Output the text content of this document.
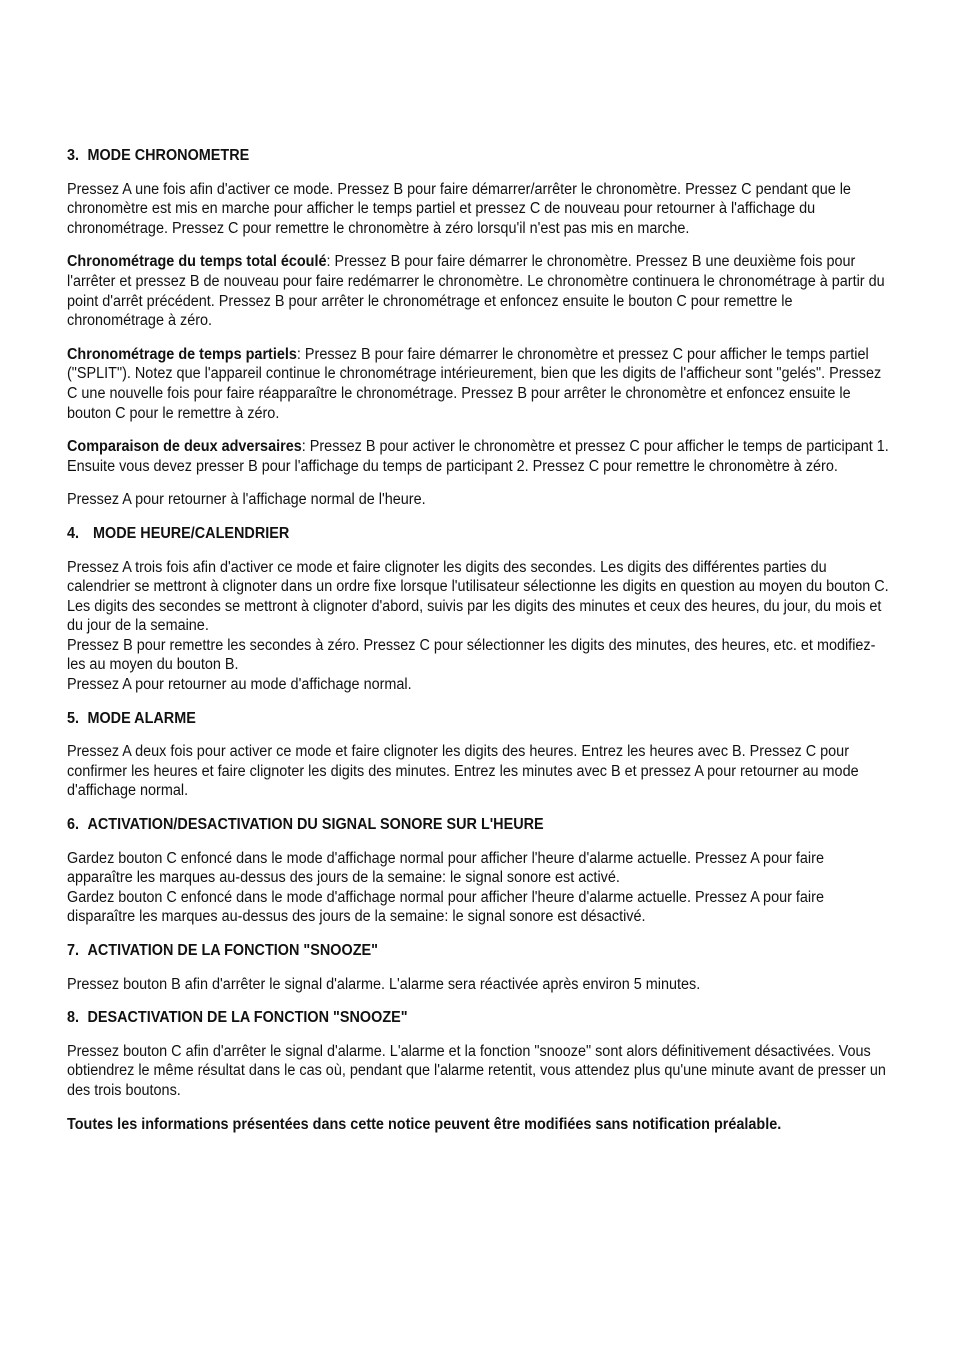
3. MODE CHRONOMETRE

Pressez A une fois afin d'activer ce mode. Pressez B pour faire démarrer/arrêter le chronomètre. Pressez C pendant que le chronomètre est mis en marche pour afficher le temps partiel et pressez C de nouveau pour retourner à l'affichage du chronométrage. Pressez C pour remettre le chronomètre à zéro lorsqu'il n'est pas mis en marche.

Chronométrage du temps total écoulé: Pressez B pour faire démarrer le chronomètre. Pressez B une deuxième fois pour l'arrêter et pressez B de nouveau pour faire redémarrer le chronomètre. Le chronomètre continuera le chronométrage à partir du point d'arrêt précédent. Pressez B pour arrêter le chronométrage et enfoncez ensuite le bouton C pour remettre le chronométrage à zéro.

Chronométrage de temps partiels: Pressez B pour faire démarrer le chronomètre et pressez C pour afficher le temps partiel ("SPLIT"). Notez que l'appareil continue le chronométrage intérieurement, bien que les digits de l'afficheur sont "gelés". Pressez C une nouvelle fois pour faire réapparaître le chronométrage. Pressez B pour arrêter le chronomètre et enfoncez ensuite le bouton C pour le remettre à zéro.

Comparaison de deux adversaires: Pressez B pour activer le chronomètre et pressez C pour afficher le temps de participant 1. Ensuite vous devez presser B pour l'affichage du temps de participant 2. Pressez C pour remettre le chronomètre à zéro.

Pressez A pour retourner à l'affichage normal de l'heure.

4. MODE HEURE/CALENDRIER

Pressez A trois fois afin d'activer ce mode et faire clignoter les digits des secondes. Les digits des différentes parties du calendrier se mettront à clignoter dans un ordre fixe lorsque l'utilisateur sélectionne les digits en question au moyen du bouton C. Les digits des secondes se mettront à clignoter d'abord, suivis par les digits des minutes et ceux des heures, du jour, du mois et du jour de la semaine.

Pressez B pour remettre les secondes à zéro. Pressez C pour sélectionner les digits des minutes, des heures, etc. et modifiez-les au moyen du bouton B.

Pressez A pour retourner au mode d'affichage normal.

5. MODE ALARME

Pressez A deux fois pour activer ce mode et faire clignoter les digits des heures. Entrez les heures avec B. Pressez C pour confirmer les heures et faire clignoter les digits des minutes. Entrez les minutes avec B et pressez A pour retourner au mode d'affichage normal.

6. ACTIVATION/DESACTIVATION DU SIGNAL SONORE SUR L'HEURE

Gardez bouton C enfoncé dans le mode d'affichage normal pour afficher l'heure d'alarme actuelle. Pressez A pour faire apparaître les marques au-dessus des jours de la semaine: le signal sonore est activé.

Gardez bouton C enfoncé dans le mode d'affichage normal pour afficher l'heure d'alarme actuelle. Pressez A pour faire disparaître les marques au-dessus des jours de la semaine: le signal sonore est désactivé.

7. ACTIVATION DE LA FONCTION "SNOOZE"

Pressez bouton B afin d'arrêter le signal d'alarme. L'alarme sera réactivée après environ 5 minutes.

8. DESACTIVATION DE LA FONCTION "SNOOZE"

Pressez bouton C afin d'arrêter le signal d'alarme. L'alarme et la fonction "snooze" sont alors définitivement désactivées. Vous obtiendrez le même résultat dans le cas où, pendant que l'alarme retentit, vous attendez plus qu'une minute avant de presser un des trois boutons.

Toutes les informations présentées dans cette notice peuvent être modifiées sans notification préalable.
